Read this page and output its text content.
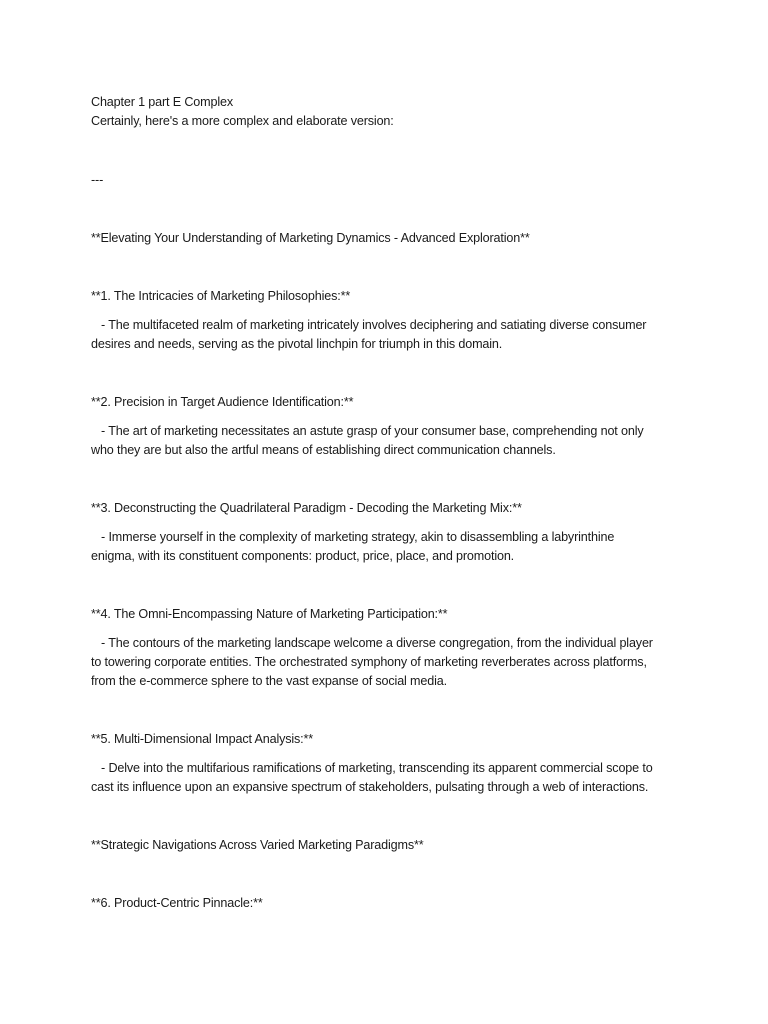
Chapter 1 part E Complex

Certainly, here's a more complex and elaborate version:

---

**Elevating Your Understanding of Marketing Dynamics - Advanced Exploration**

**1. The Intricacies of Marketing Philosophies:**

- The multifaceted realm of marketing intricately involves deciphering and satiating diverse consumer

desires and needs, serving as the pivotal linchpin for triumph in this domain.

**2. Precision in Target Audience Identification:**

- The art of marketing necessitates an astute grasp of your consumer base, comprehending not only

who they are but also the artful means of establishing direct communication channels.

**3. Deconstructing the Quadrilateral Paradigm - Decoding the Marketing Mix:**

- Immerse yourself in the complexity of marketing strategy, akin to disassembling a labyrinthine

enigma, with its constituent components: product, price, place, and promotion.

**4. The Omni-Encompassing Nature of Marketing Participation:**

- The contours of the marketing landscape welcome a diverse congregation, from the individual player

to towering corporate entities. The orchestrated symphony of marketing reverberates across platforms,

from the e-commerce sphere to the vast expanse of social media.

**5. Multi-Dimensional Impact Analysis:**

- Delve into the multifarious ramifications of marketing, transcending its apparent commercial scope to

cast its influence upon an expansive spectrum of stakeholders, pulsating through a web of interactions.

**Strategic Navigations Across Varied Marketing Paradigms**

**6. Product-Centric Pinnacle:**
